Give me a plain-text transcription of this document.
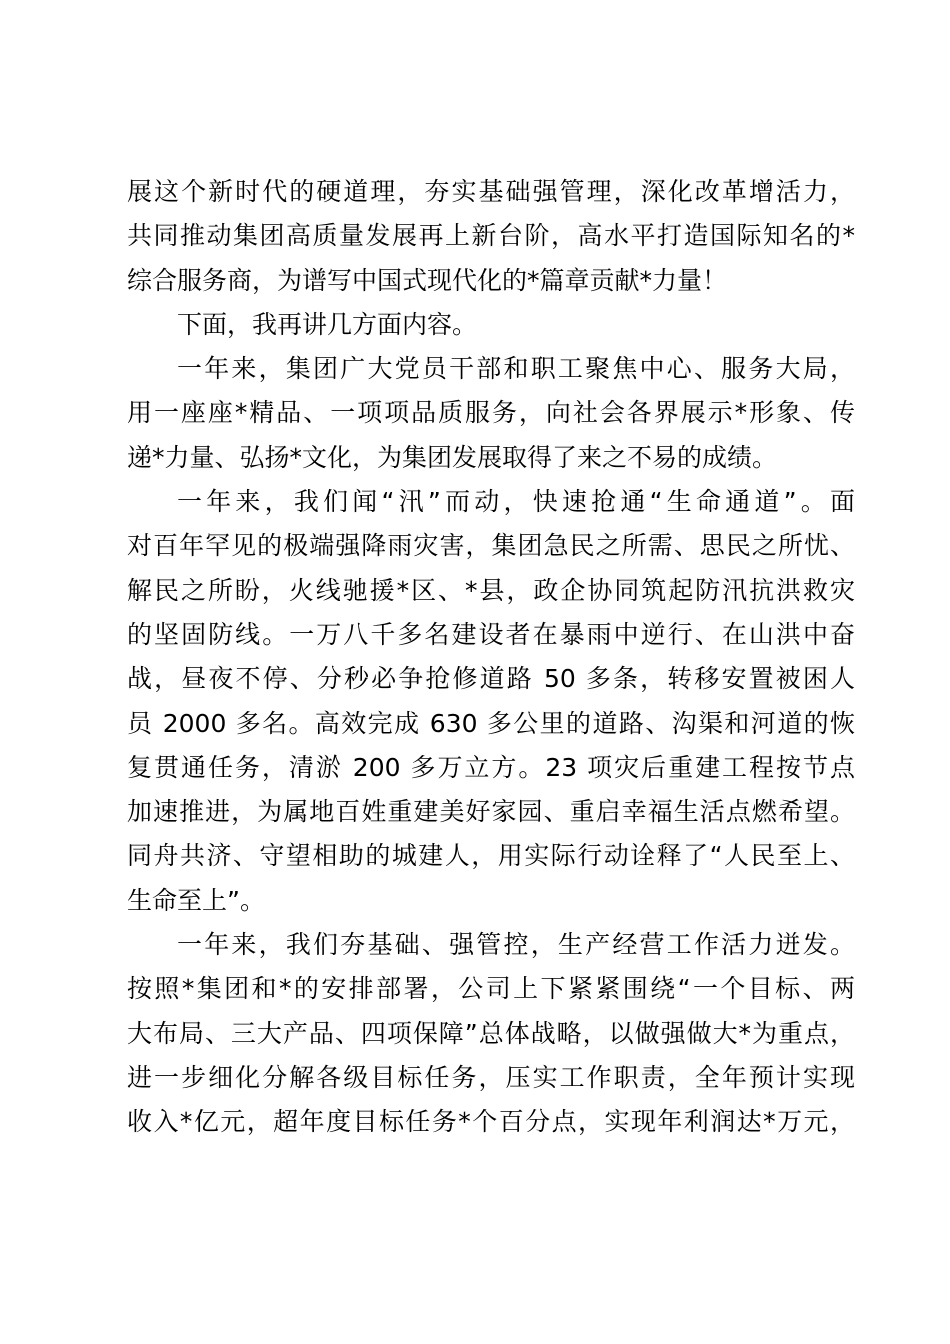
展这个新时代的硬道理，夯实基础强管理，深化改革增活力，
共同推动集团高质量发展再上新台阶，高水平打造国际知名的*
综合服务商，为谱写中国式现代化的*篇章贡献*力量！
下面，我再讲几方面内容。
一年来，集团广大党员干部和职工聚焦中心、服务大局，
用一座座*精品、一项项品质服务，向社会各界展示*形象、传
递*力量、弘扬*文化，为集团发展取得了来之不易的成绩。
一年来，我们闻“汛”而动，快速抢通“生命通道”。面
对百年罕见的极端强降雨灾害，集团急民之所需、思民之所忧、
解民之所盼，火线驰援*区、*县，政企协同筑起防汛抗洪救灾
的坚固防线。一万八千多名建设者在暴雨中逆行、在山洪中奋
战，昼夜不停、分秒必争抢修道路 50 多条，转移安置被困人
员 2000 多名。高效完成 630 多公里的道路、沟渠和河道的恢
复贯通任务，清淤 200 多万立方。23 项灾后重建工程按节点
加速推进，为属地百姓重建美好家园、重启幸福生活点燃希望。
同舟共济、守望相助的城建人，用实际行动诠释了“人民至上、
生命至上”。
一年来，我们夯基础、强管控，生产经营工作活力迸发。
按照*集团和*的安排部署，公司上下紧紧围绕“一个目标、两
大布局、三大产品、四项保障”总体战略，以做强做大*为重点，
进一步细化分解各级目标任务，压实工作职责，全年预计实现
收入*亿元，超年度目标任务*个百分点，实现年利润达*万元，
